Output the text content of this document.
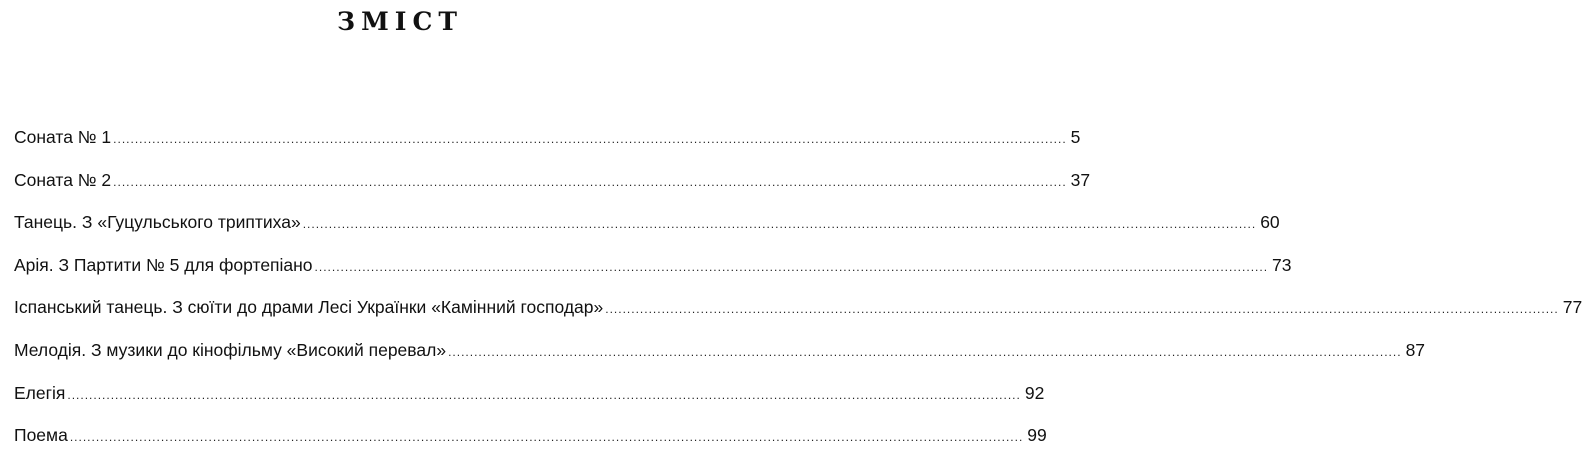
ЗМІСТ
Соната № 1 ............................................................................................................................................................................................................................ 5
Соната № 2 ............................................................................................................................................................................................................................ 37
Танець. З «Гуцульського триптиха» ............................................................................................................................................................................................................................ 60
Арія. З Партити № 5 для фортепіано ............................................................................................................................................................................................................................ 73
Іспанський танець. З сюїти до драми Лесі Українки «Камінний господар» ............................................................................................................................................................................................................................ 77
Мелодія. З музики до кінофільму «Високий перевал» ............................................................................................................................................................................................................................ 87
Елегія ............................................................................................................................................................................................................................ 92
Поема ............................................................................................................................................................................................................................ 99
